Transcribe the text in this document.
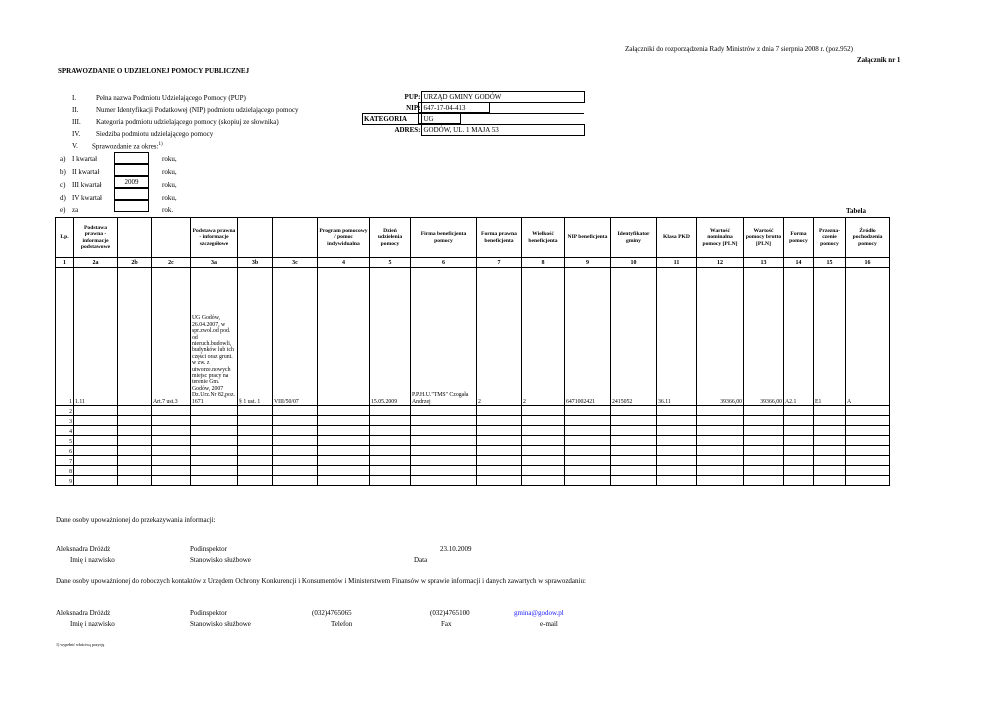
Załączniki do rozporządzenia Rady Ministrów z dnia 7 sierpnia 2008 r. (poz.952)
Załącznik nr 1
SPRAWOZDANIE O UDZIELONEJ POMOCY PUBLICZNEJ
I.	Pełna nazwa Podmiotu Udzielającego Pomocy (PUP)
II.	Numer Identyfikacji Podatkowej (NIP) podmiotu udzielającego pomocy
III. Kategoria podmiotu udzielającego pomocy (skopiuj ze słownika)
IV. Siedziba podmiotu udzielającego pomocy
V. Sprawozdanie za okres:$^{1)}$
PUP:	URZĄD GMINY GODÓW
NIP:	647-17-04-413
KATEGORIA	UG
ADRES:	GODÓW, UL. 1 MAJA 53
a) I kwartał	roku,
b) II kwartał	roku,
c) III kwartał	2009	roku,
d) IV kwartał	roku,
e) za	rok.	Tabela
Lp.	Podstawa prawna - informacje podstawowe			Podstawa prawna - informacje szczegółowe			Program pomocowy / pomoc indywidualna	Dzień udzielenia pomocy	Firma beneficjenta pomocy	Forma prawna beneficjenta	Wielkość beneficjenta	NIP beneficjenta	Identyfikator gminy	Klasa PKD	Wartość nominalna pomocy [PLN]	Wartość pomocy brutto [PLN]	Forma pomocy	Przezna-czenie pomocy	Źródło pochodzenia pomocy
1	2a	2b	2c	3a	3b	3c	4	5	6	7	8	9	10	11	12	13	14	15	16
1	1.11		Art.7 ust.3	UG Godów, 26.04.2007, w spr.zwol.od pod. od nieruch.budowli, budynków lub ich części oraz grunt. w zw. z utworze.nowych miejsc pracy na terenie Gm. Godów, 2007 Dz.Urz.Nr 82,poz. 1671	§ 1 ust. 1	VIII/50/07		15.05.2009	P.P.H.U."TMS" Czogała Andrzej	2	2	6471002421	2415052	36.11	39366,00	39366,00	A2.1	E1	A
2																			
3																			
4																			
5																			
6																			
7																			
8																			
9																			
Dane osoby upoważnionej do przekazywania informacji:
Aleksnadra Dróżdż
Imię i nazwisko
Podinspektor
Stanowisko służbowe
23.10.2009
Data
Dane osoby upoważnionej do roboczych kontaktów z Urzędem Ochrony Konkurencji i Konsumentów i Ministerstwem Finansów w sprawie informacji i danych zawartych w sprawozdaniu:
Aleksnadra Dróżdż
Imię i nazwisko
Podinspektor
Stanowisko służbowe
(032)4765065
Telefon
(032)4765100
Fax
gmina@godow.pl
e-mail
1) wypełnić właściwą pozycję
